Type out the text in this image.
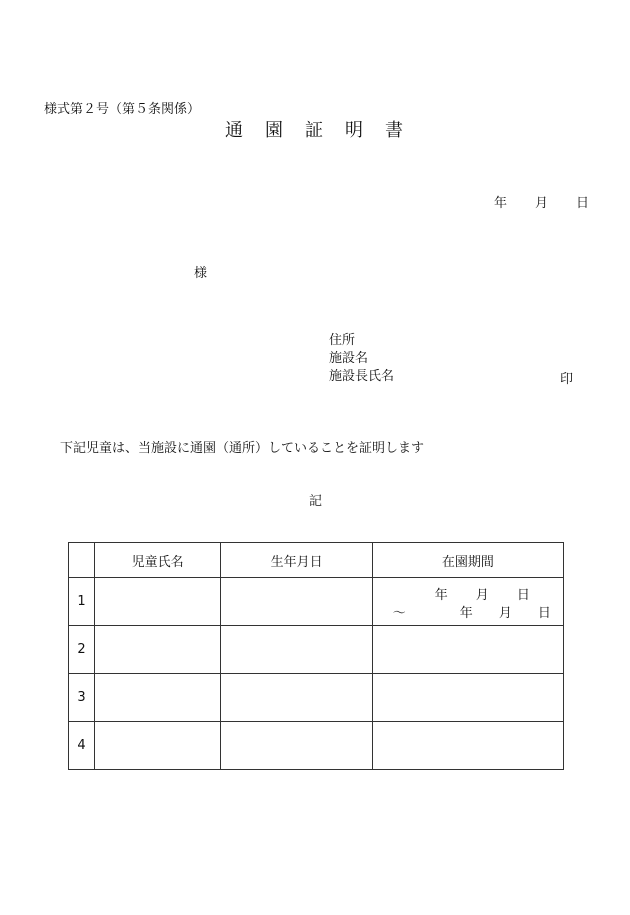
様式第２号（第５条関係）
通　園　証　明　書
年 月 日
様
住所
施設名
施設長氏名	印
下記児童は、当施設に通園（通所）していることを証明します
記
	児童氏名	生年月日	在園期間
1			年 月 日
～ 年 月 日

2			
3			
4			
